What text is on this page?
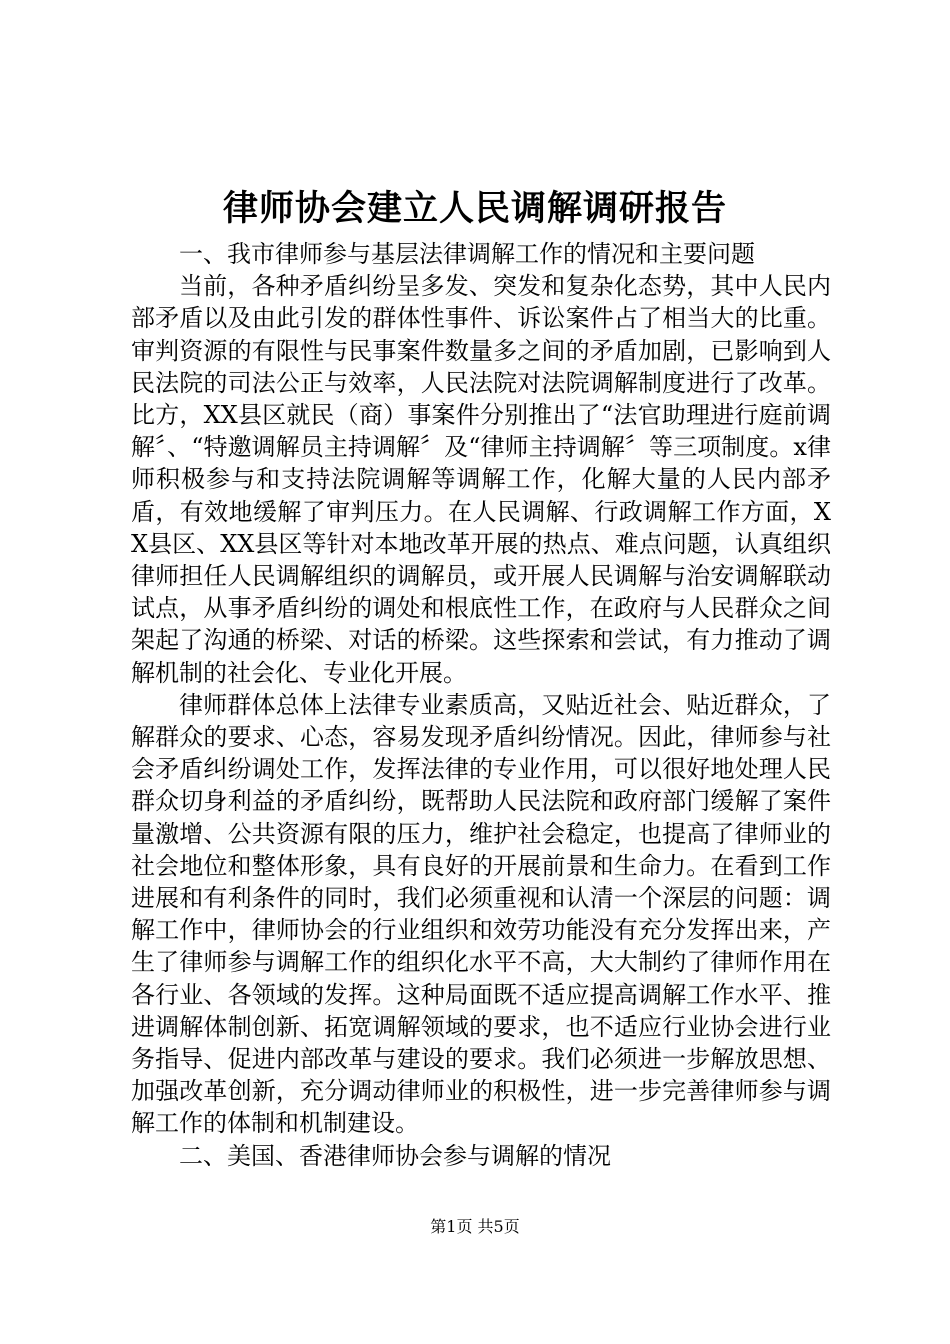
律师协会建立人民调解调研报告

一、我市律师参与基层法律调解工作的情况和主要问题

当前，各种矛盾纠纷呈多发、突发和复杂化态势，其中人民内部矛盾以及由此引发的群体性事件、诉讼案件占了相当大的比重。审判资源的有限性与民事案件数量多之间的矛盾加剧，已影响到人民法院的司法公正与效率，人民法院对法院调解制度进行了改革。比方，XX县区就民（商）事案件分别推出了“法官助理进行庭前调解〞、“特邀调解员主持调解〞及“律师主持调解〞等三项制度。x律师积极参与和支持法院调解等调解工作，化解大量的人民内部矛盾，有效地缓解了审判压力。在人民调解、行政调解工作方面，XX县区、XX县区等针对本地改革开展的热点、难点问题，认真组织律师担任人民调解组织的调解员，或开展人民调解与治安调解联动试点，从事矛盾纠纷的调处和根底性工作，在政府与人民群众之间架起了沟通的桥梁、对话的桥梁。这些探索和尝试，有力推动了调解机制的社会化、专业化开展。

律师群体总体上法律专业素质高，又贴近社会、贴近群众，了解群众的要求、心态，容易发现矛盾纠纷情况。因此，律师参与社会矛盾纠纷调处工作，发挥法律的专业作用，可以很好地处理人民群众切身利益的矛盾纠纷，既帮助人民法院和政府部门缓解了案件量激增、公共资源有限的压力，维护社会稳定，也提高了律师业的社会地位和整体形象，具有良好的开展前景和生命力。在看到工作进展和有利条件的同时，我们必须重视和认清一个深层的问题：调解工作中，律师协会的行业组织和效劳功能没有充分发挥出来，产生了律师参与调解工作的组织化水平不高，大大制约了律师作用在各行业、各领域的发挥。这种局面既不适应提高调解工作水平、推进调解体制创新、拓宽调解领域的要求，也不适应行业协会进行业务指导、促进内部改革与建设的要求。我们必须进一步解放思想、加强改革创新，充分调动律师业的积极性，进一步完善律师参与调解工作的体制和机制建设。

二、美国、香港律师协会参与调解的情况

第1页 共5页
